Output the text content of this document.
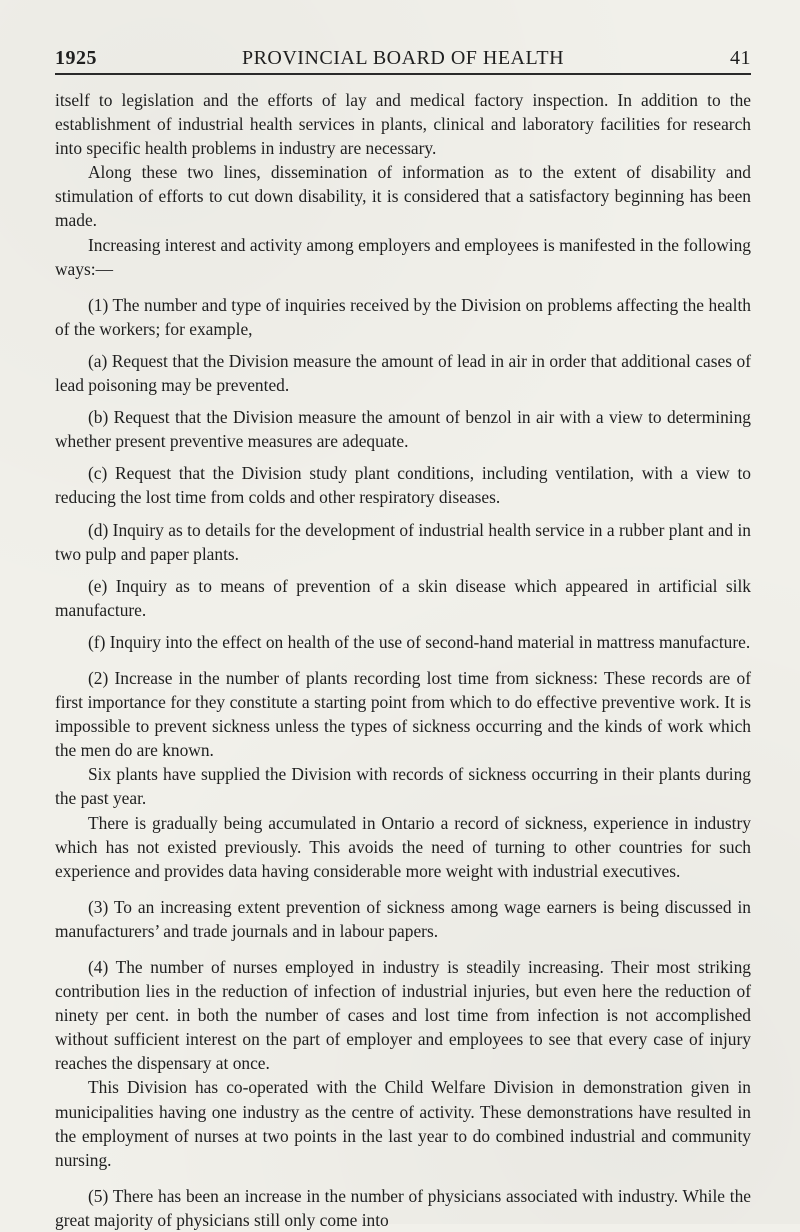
1925	PROVINCIAL BOARD OF HEALTH	41

itself to legislation and the efforts of lay and medical factory inspection. In addition to the establishment of industrial health services in plants, clinical and laboratory facilities for research into specific health problems in industry are necessary.

Along these two lines, dissemination of information as to the extent of disability and stimulation of efforts to cut down disability, it is considered that a satisfactory beginning has been made.

Increasing interest and activity among employers and employees is manifested in the following ways:—

(1) The number and type of inquiries received by the Division on problems affecting the health of the workers; for example,

(a) Request that the Division measure the amount of lead in air in order that additional cases of lead poisoning may be prevented.

(b) Request that the Division measure the amount of benzol in air with a view to determining whether present preventive measures are adequate.

(c) Request that the Division study plant conditions, including ventilation, with a view to reducing the lost time from colds and other respiratory diseases.

(d) Inquiry as to details for the development of industrial health service in a rubber plant and in two pulp and paper plants.

(e) Inquiry as to means of prevention of a skin disease which appeared in artificial silk manufacture.

(f) Inquiry into the effect on health of the use of second-hand material in mattress manufacture.

(2) Increase in the number of plants recording lost time from sickness: These records are of first importance for they constitute a starting point from which to do effective preventive work. It is impossible to prevent sickness unless the types of sickness occurring and the kinds of work which the men do are known.

Six plants have supplied the Division with records of sickness occurring in their plants during the past year.

There is gradually being accumulated in Ontario a record of sickness, experience in industry which has not existed previously. This avoids the need of turning to other countries for such experience and provides data having considerable more weight with industrial executives.

(3) To an increasing extent prevention of sickness among wage earners is being discussed in manufacturers’ and trade journals and in labour papers.

(4) The number of nurses employed in industry is steadily increasing. Their most striking contribution lies in the reduction of infection of industrial injuries, but even here the reduction of ninety per cent. in both the number of cases and lost time from infection is not accomplished without sufficient interest on the part of employer and employees to see that every case of injury reaches the dispensary at once.

This Division has co-operated with the Child Welfare Division in demonstration given in municipalities having one industry as the centre of activity. These demonstrations have resulted in the employment of nurses at two points in the last year to do combined industrial and community nursing.

(5) There has been an increase in the number of physicians associated with industry. While the great majority of physicians still only come into
